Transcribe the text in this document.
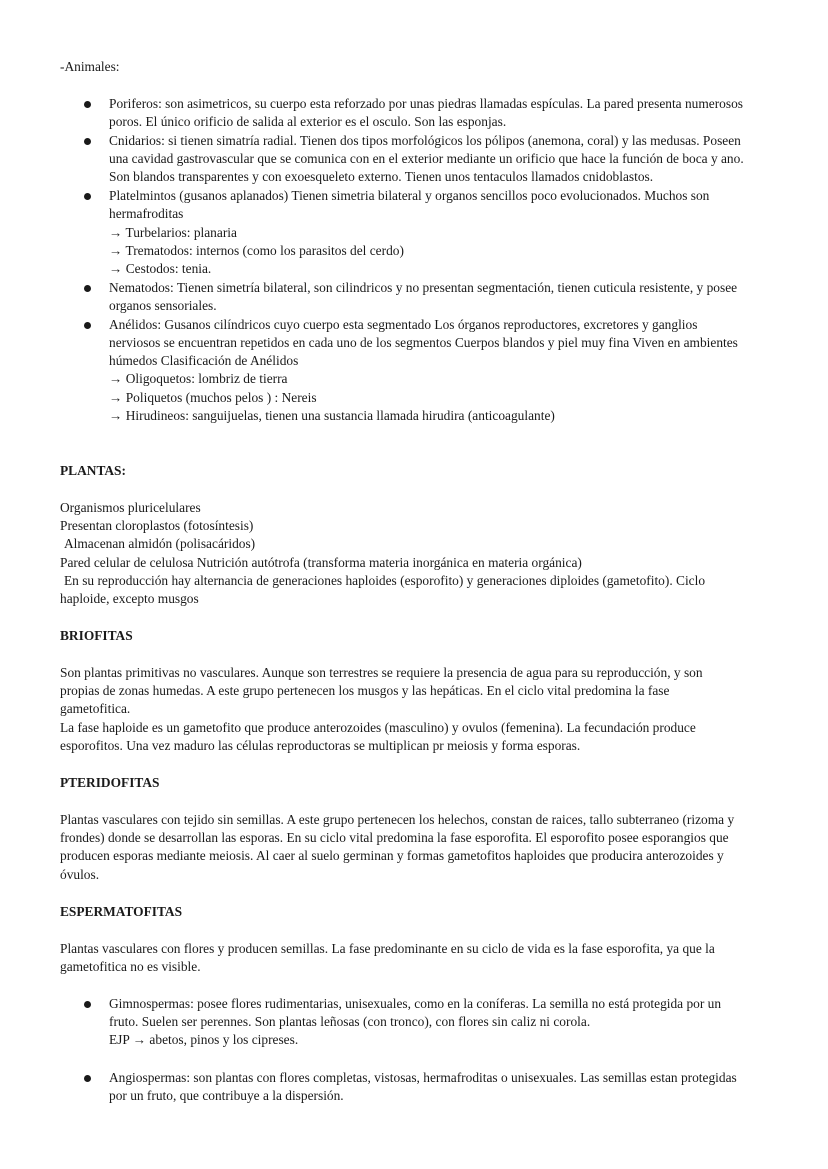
-Animales:
Poriferos: son asimetricos, su cuerpo esta reforzado por unas piedras llamadas espículas. La pared presenta numerosos
poros. El único orificio de salida al exterior es el osculo. Son las esponjas.
Cnidarios: si tienen simatría radial. Tienen dos tipos morfológicos los pólipos (anemona, coral) y las medusas. Poseen
una cavidad gastrovascular que se comunica con en el exterior mediante un orificio que hace la función de boca y ano.
Son blandos transparentes y con exoesqueleto externo. Tienen unos tentaculos llamados cnidoblastos.
Platelmintos (gusanos aplanados) Tienen simetria bilateral y organos sencillos poco evolucionados. Muchos son
hermafroditas
→ Turbelarios: planaria
→ Trematodos: internos (como los parasitos del cerdo)
→ Cestodos: tenia.
Nematodos: Tienen simetría bilateral, son cilindricos y no presentan segmentación, tienen cuticula resistente, y posee
organos sensoriales.
Anélidos: Gusanos cilíndricos cuyo cuerpo esta segmentado Los órganos reproductores, excretores y ganglios
nerviosos se encuentran repetidos en cada uno de los segmentos Cuerpos blandos y piel muy fina Viven en ambientes
húmedos Clasificación de Anélidos
→ Oligoquetos: lombriz de tierra
→ Poliquetos (muchos pelos ) : Nereis
→ Hirudineos: sanguijuelas, tienen una sustancia llamada hirudira (anticoagulante)
PLANTAS:
Organismos pluricelulares
Presentan cloroplastos (fotosíntesis)
Almacenan almidón (polisacáridos)
Pared celular de celulosa Nutrición autótrofa (transforma materia inorgánica en materia orgánica)
En su reproducción hay alternancia de generaciones haploides (esporofito) y generaciones diploides (gametofito). Ciclo
haploide, excepto musgos
BRIOFITAS
Son plantas primitivas no vasculares. Aunque son terrestres se requiere la presencia de agua para su reproducción, y son
propias de zonas humedas. A este grupo pertenecen los musgos y las hepáticas. En el ciclo vital predomina la fase
gametofitica.
La fase haploide es un gametofito que produce anterozoides (masculino) y ovulos (femenina). La fecundación produce
esporofitos. Una vez maduro las células reproductoras se multiplican pr meiosis y forma esporas.
PTERIDOFITAS
Plantas vasculares con tejido sin semillas. A este grupo pertenecen los helechos, constan de raices, tallo subterraneo (rizoma y
frondes) donde se desarrollan las esporas. En su ciclo vital predomina la fase esporofita. El esporofito posee esporangios que
producen esporas mediante meiosis. Al caer al suelo germinan y formas gametofitos haploides que producira anterozoides y
óvulos.
ESPERMATOFITAS
Plantas vasculares con flores y producen semillas. La fase predominante en su ciclo de vida es la fase esporofita, ya que la
gametofitica no es visible.
Gimnospermas: posee flores rudimentarias, unisexuales, como en la coníferas. La semilla no está protegida por un
fruto. Suelen ser perennes. Son plantas leñosas (con tronco), con flores sin caliz ni corola.
EJP → abetos, pinos y los cipreses.
Angiospermas: son plantas con flores completas, vistosas, hermafroditas o unisexuales. Las semillas estan protegidas
por un fruto, que contribuye a la dispersión.
